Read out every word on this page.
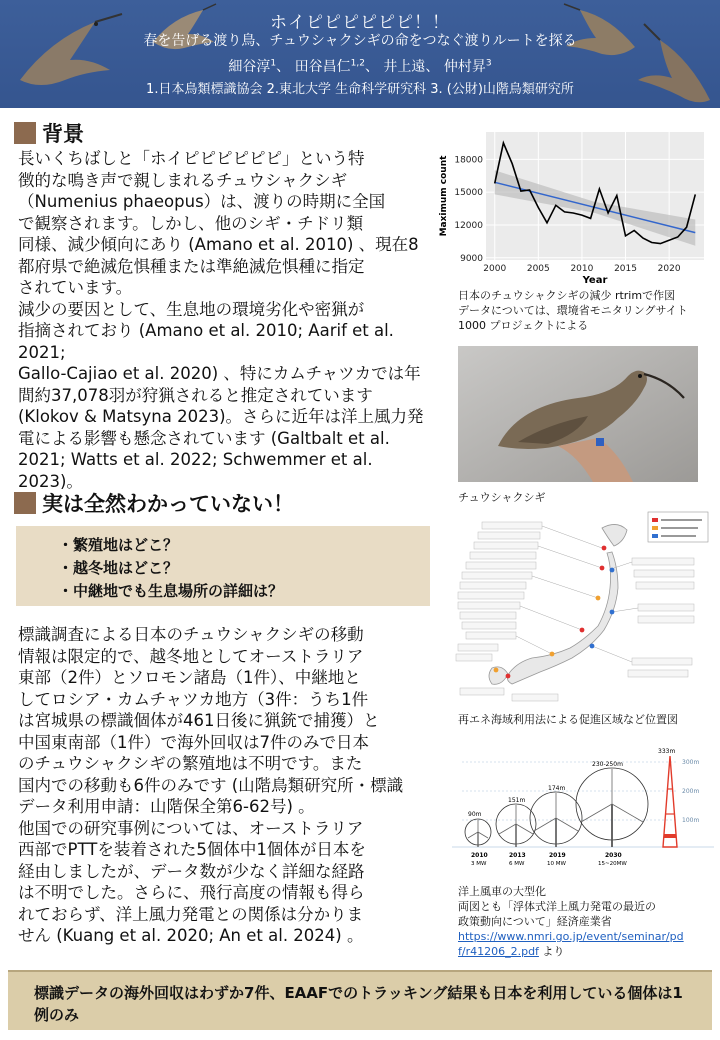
ホイピピピピピピ！！
春を告げる渡り鳥、チュウシャクシギの命をつなぐ渡りルートを探る
細谷淳$^1$、 田谷昌仁$^{1,2}$、 井上遠、 仲村昇$^3$
1.日本鳥類標識協会 2.東北大学 生命科学研究科 3. (公財)山階鳥類研究所
背景
長いくちばしと「ホイピピピピピピ」という特
徴的な鳴き声で親しまれるチュウシャクシギ
（Numenius phaeopus）は、渡りの時期に全国
で観察されます。しかし、他のシギ・チドリ類
同様、減少傾向にあり (Amano et al. 2010) 、現在8
都府県で絶滅危惧種または準絶滅危惧種に指定
されています。
減少の要因として、生息地の環境劣化や密猟が
指摘されており (Amano et al. 2010; Aarif et al. 2021;
Gallo-Cajiao et al. 2020) 、特にカムチャツカでは年
間約37,078羽が狩猟されると推定されています
(Klokov & Matsyna 2023)。さらに近年は洋上風力発
電による影響も懸念されています (Galtbalt et al.
2021; Watts et al. 2022; Schwemmer et al. 2023)。
実は全然わかっていない！
・繁殖地はどこ？
・越冬地はどこ？
・中継地でも生息場所の詳細は？
標識調査による日本のチュウシャクシギの移動
情報は限定的で、越冬地としてオーストラリア
東部（2件）とソロモン諸島（1件）、中継地と
してロシア・カムチャツカ地方（3件：うち1件
は宮城県の標識個体が461日後に猟銃で捕獲）と
中国東南部（1件）で海外回収は7件のみで日本
のチュウシャクシギの繁殖地は不明です。また
国内での移動も6件のみです (山階鳥類研究所・標識
データ利用申請：山階保全第6-62号) 。
他国での研究事例については、オーストラリア
西部でPTTを装着された5個体中1個体が日本を
経由しましたが、データ数が少なく詳細な経路
は不明でした。さらに、飛行高度の情報も得ら
れておらず、洋上風力発電との関係は分かりま
せん (Kuang et al. 2020; An et al. 2024) 。
2000 2005 2010 2015 2020
9000
12000
15000
18000
Year
Maximum count
日本のチュウシャクシギの減少 rtrimで作図
データについては、環境省モニタリングサイト
1000 プロジェクトによる
チュウシャクシギ
再エネ海域利用法による促進区域など位置図
300m
200m
100m
90m
151m
174m
230-250m
333m
2010
3 MW
2013
6 MW
2019
10 MW
2030
15~20MW
洋上風車の大型化
両図とも「浮体式洋上風力発電の最近の
政策動向について」経済産業省
https://www.nmri.go.jp/event/seminar/pd
f/r41206_2.pdf より
標識データの海外回収はわずか7件、EAAFでのトラッキング結果も日本を利用している個体は1例のみ
